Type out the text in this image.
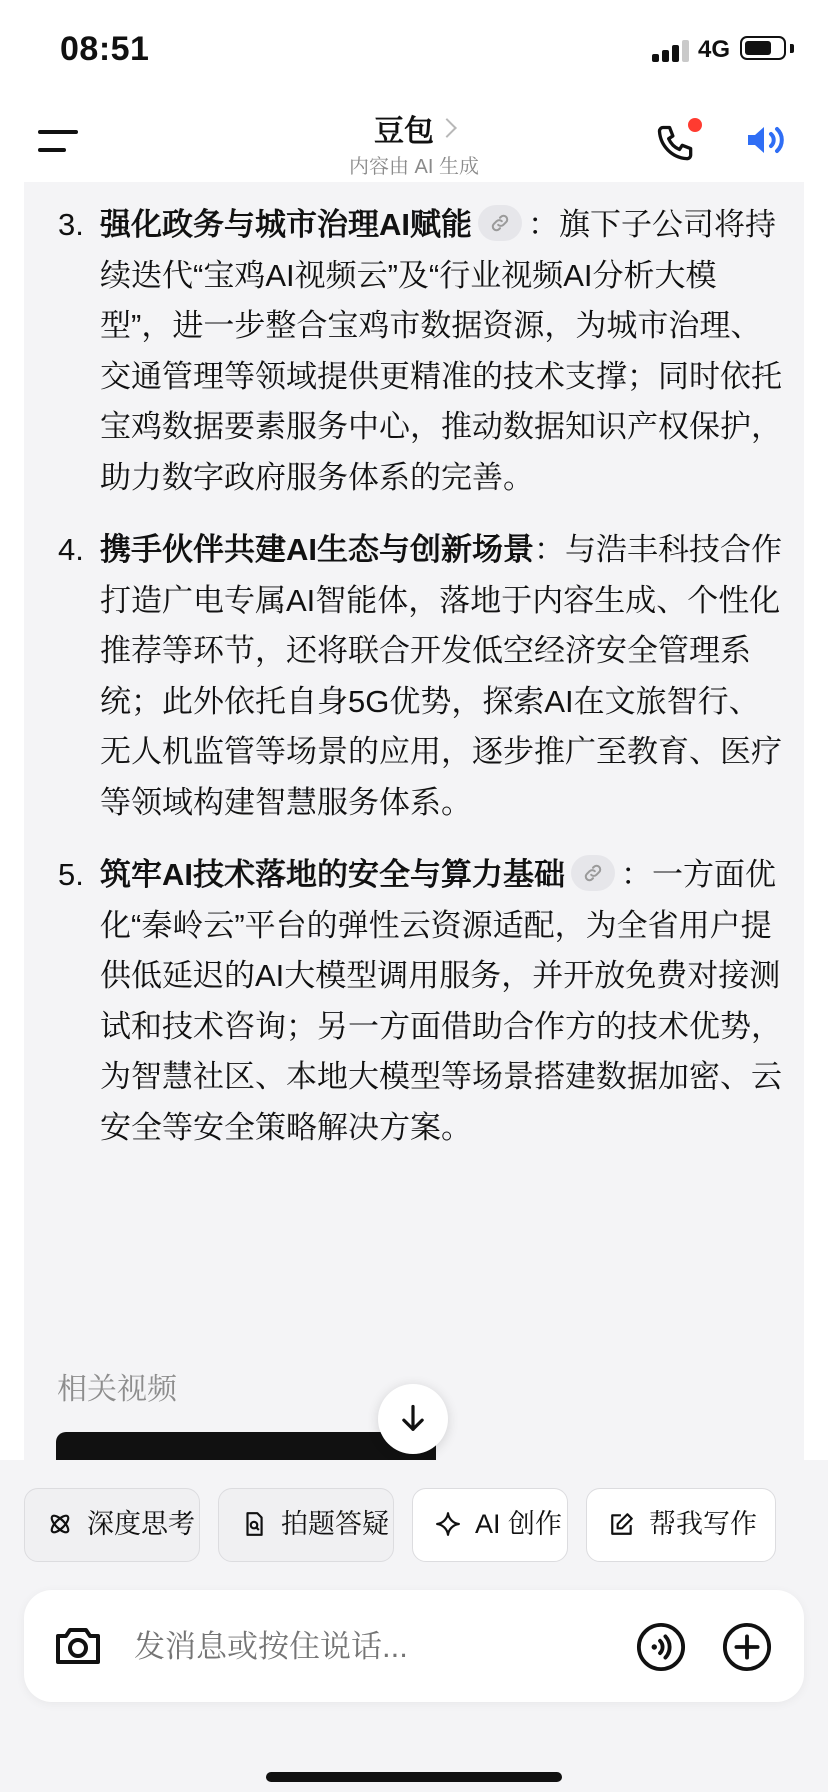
08:51	4G
豆包
内容由 AI 生成
3. 强化政务与城市治理AI赋能 ：旗下子公司将持续迭代“宝鸡AI视频云”及“行业视频AI分析大模型”，进一步整合宝鸡市数据资源，为城市治理、交通管理等领域提供更精准的技术支撑；同时依托宝鸡数据要素服务中心，推动数据知识产权保护，助力数字政府服务体系的完善。
4. 携手伙伴共建AI生态与创新场景：与浩丰科技合作打造广电专属AI智能体，落地于内容生成、个性化推荐等环节，还将联合开发低空经济安全管理系统；此外依托自身5G优势，探索AI在文旅智行、无人机监管等场景的应用，逐步推广至教育、医疗等领域构建智慧服务体系。
5. 筑牢AI技术落地的安全与算力基础 ：一方面优化“秦岭云”平台的弹性云资源适配，为全省用户提供低延迟的AI大模型调用服务，并开放免费对接测试和技术咨询；另一方面借助合作方的技术优势，为智慧社区、本地大模型等场景搭建数据加密、云安全等安全策略解决方案。
相关视频
深度思考	拍题答疑	AI 创作	帮我写作
发消息或按住说话...
